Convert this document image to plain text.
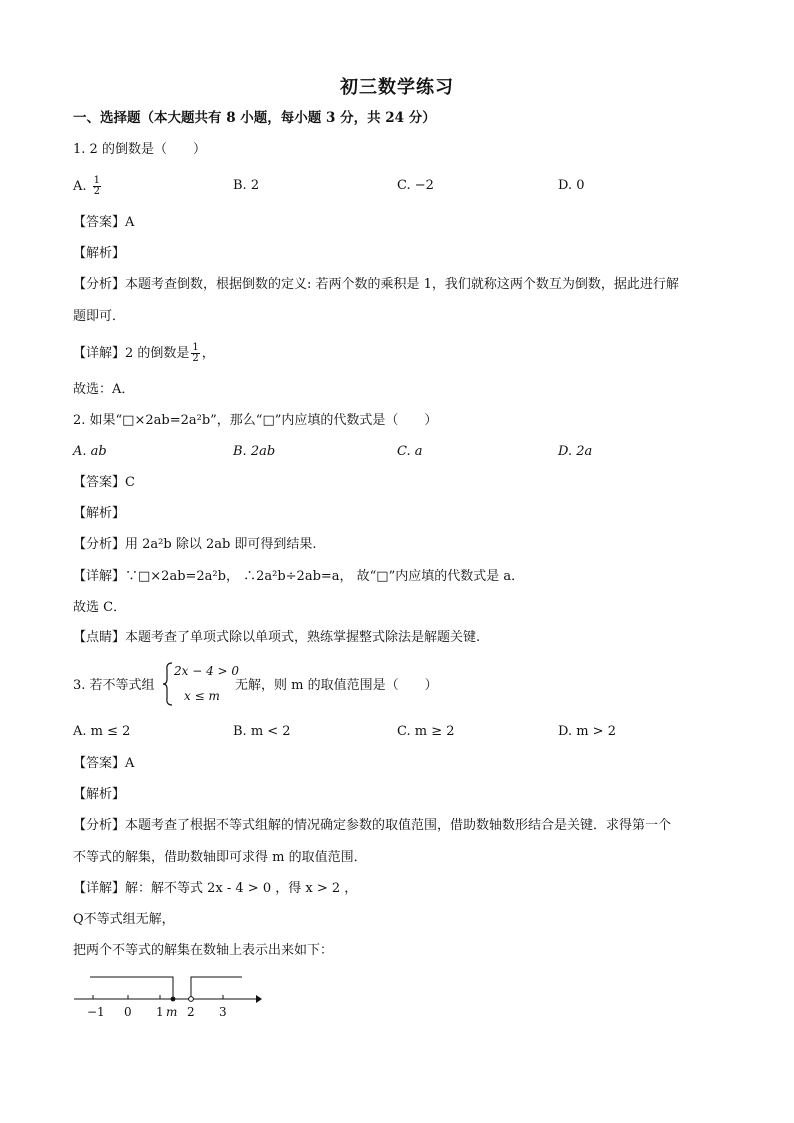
初三数学练习
一、选择题（本大题共有 8 小题，每小题 3 分，共 24 分）
1. 2 的倒数是（　　）
A. $\frac{1}{2}$	B. 2	C. −2	D. 0
【答案】A
【解析】
【分析】本题考查倒数，根据倒数的定义: 若两个数的乘积是 1，我们就称这两个数互为倒数，据此进行解
题即可．
【详解】2 的倒数是 $\frac{1}{2}$ ，
故选：A．
2. 如果“□×2ab=2a²b”，那么“□”内应填的代数式是（　　）
A. ab	B. 2ab	C. a	D. 2a
【答案】C
【解析】
【分析】用 2a²b 除以 2ab 即可得到结果.
【详解】∵□×2ab=2a²b， ∴2a²b÷2ab=a， 故“□”内应填的代数式是 a．
故选 C．
【点睛】本题考查了单项式除以单项式，熟练掌握整式除法是解题关键.
3. 若不等式组
2x − 4 > 0
x ≤ m
无解，则 m 的取值范围是（　　）
A. m ≤ 2	B. m < 2	C. m ≥ 2	D. m > 2
【答案】A
【解析】
【分析】本题考查了根据不等式组解的情况确定参数的取值范围，借助数轴数形结合是关键．求得第一个
不等式的解集，借助数轴即可求得 m 的取值范围．
【详解】解：解不等式 2x - 4 > 0 ，得 x > 2 ，
Q不等式组无解，
把两个不等式的解集在数轴上表示出来如下：
−1 0 1 m 2 3
